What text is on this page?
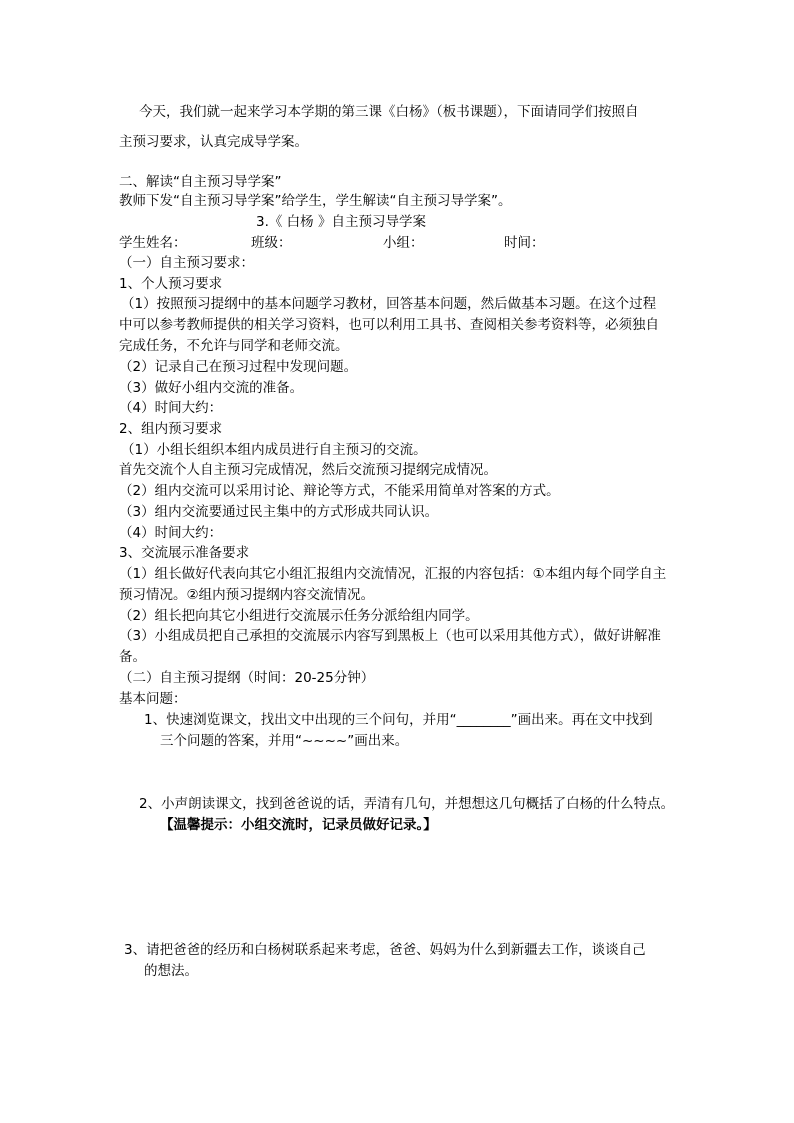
今天，我们就一起来学习本学期的第三课《白杨》（板书课题），下面请同学们按照自
主预习要求，认真完成导学案。
二、解读“自主预习导学案”
教师下发“自主预习导学案”给学生，学生解读“自主预习导学案”。
3.《 白杨 》自主预习导学案
学生姓名：	班级：	小组：	时间：
（一）自主预习要求：
1、个人预习要求
（1）按照预习提纲中的基本问题学习教材，回答基本问题，然后做基本习题。在这个过程
中可以参考教师提供的相关学习资料，也可以利用工具书、查阅相关参考资料等，必须独自
完成任务，不允许与同学和老师交流。
（2）记录自己在预习过程中发现问题。
（3）做好小组内交流的准备。
（4）时间大约：
2、组内预习要求
（1）小组长组织本组内成员进行自主预习的交流。
首先交流个人自主预习完成情况，然后交流预习提纲完成情况。
（2）组内交流可以采用讨论、辩论等方式，不能采用简单对答案的方式。
（3）组内交流要通过民主集中的方式形成共同认识。
（4）时间大约：
3、交流展示准备要求
（1）组长做好代表向其它小组汇报组内交流情况，汇报的内容包括：①本组内每个同学自主
预习情况。②组内预习提纲内容交流情况。
（2）组长把向其它小组进行交流展示任务分派给组内同学。
（3）小组成员把自己承担的交流展示内容写到黑板上（也可以采用其他方式），做好讲解准
备。
（二）自主预习提纲（时间：20-25分钟）
基本问题：
1、快速浏览课文，找出文中出现的三个问句，并用“________”画出来。再在文中找到
三个问题的答案，并用“~~~~”画出来。
2、小声朗读课文，找到爸爸说的话，弄清有几句，并想想这几句概括了白杨的什么特点。
【温馨提示：小组交流时，记录员做好记录。】
3、请把爸爸的经历和白杨树联系起来考虑，爸爸、妈妈为什么到新疆去工作，谈谈自己
的想法。
